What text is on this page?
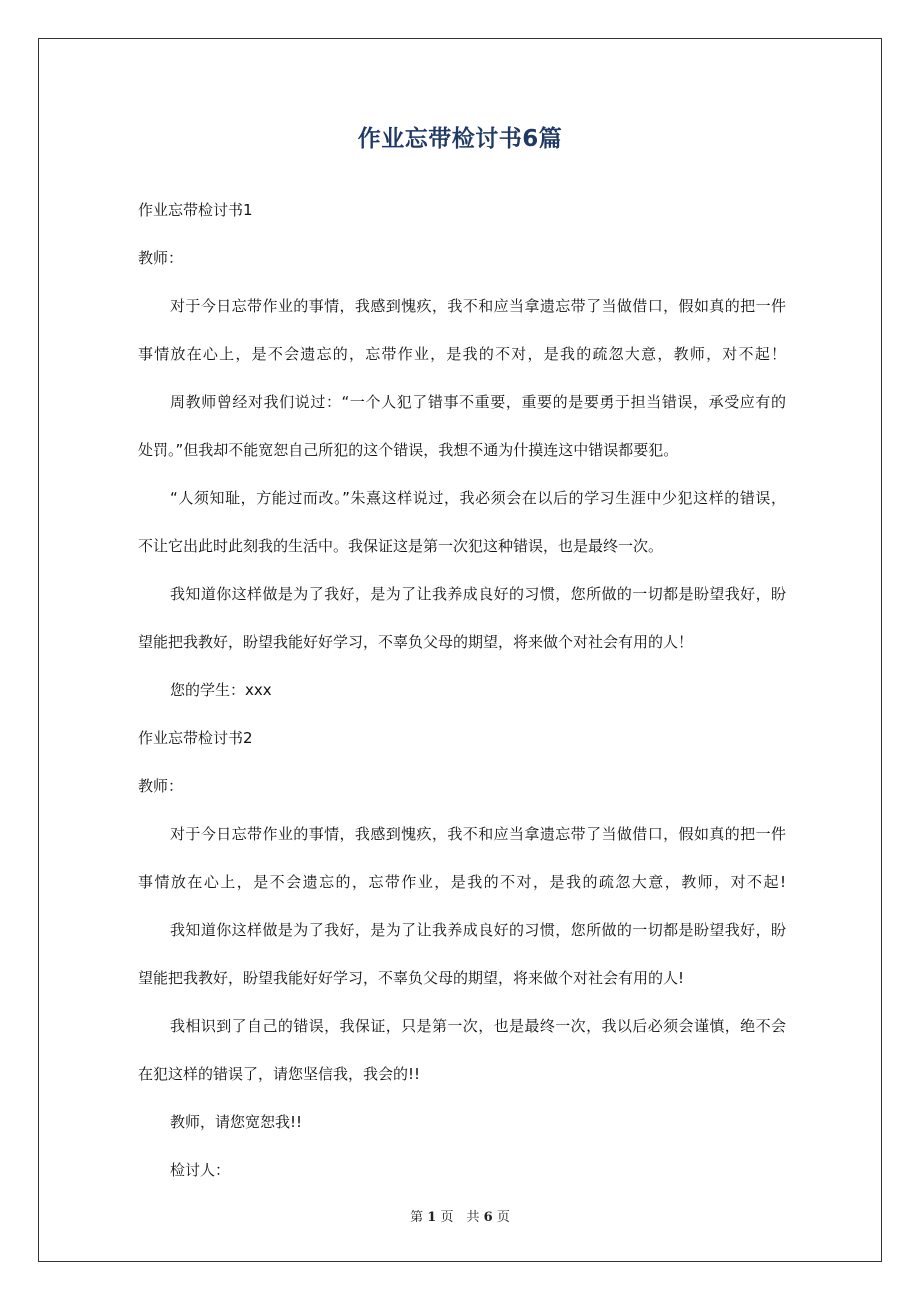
作业忘带检讨书6篇
作业忘带检讨书1
教师：
对于今日忘带作业的事情，我感到愧疚，我不和应当拿遗忘带了当做借口，假如真的把一件
事情放在心上，是不会遗忘的，忘带作业，是我的不对，是我的疏忽大意，教师，对不起！
周教师曾经对我们说过：“一个人犯了错事不重要，重要的是要勇于担当错误，承受应有的
处罚。”但我却不能宽恕自己所犯的这个错误，我想不通为什摸连这中错误都要犯。
“人须知耻，方能过而改。”朱熹这样说过，我必须会在以后的学习生涯中少犯这样的错误，
不让它出此时此刻我的生活中。我保证这是第一次犯这种错误，也是最终一次。
我知道你这样做是为了我好，是为了让我养成良好的习惯，您所做的一切都是盼望我好，盼
望能把我教好，盼望我能好好学习，不辜负父母的期望，将来做个对社会有用的人！
您的学生：xxx
作业忘带检讨书2
教师：
对于今日忘带作业的事情，我感到愧疚，我不和应当拿遗忘带了当做借口，假如真的把一件
事情放在心上，是不会遗忘的，忘带作业，是我的不对，是我的疏忽大意，教师，对不起!
我知道你这样做是为了我好，是为了让我养成良好的习惯，您所做的一切都是盼望我好，盼
望能把我教好，盼望我能好好学习，不辜负父母的期望，将来做个对社会有用的人!
我相识到了自己的错误，我保证，只是第一次，也是最终一次，我以后必须会谨慎，绝不会
在犯这样的错误了，请您坚信我，我会的!!
教师，请您宽恕我!!
检讨人：
第 1 页　共 6 页
